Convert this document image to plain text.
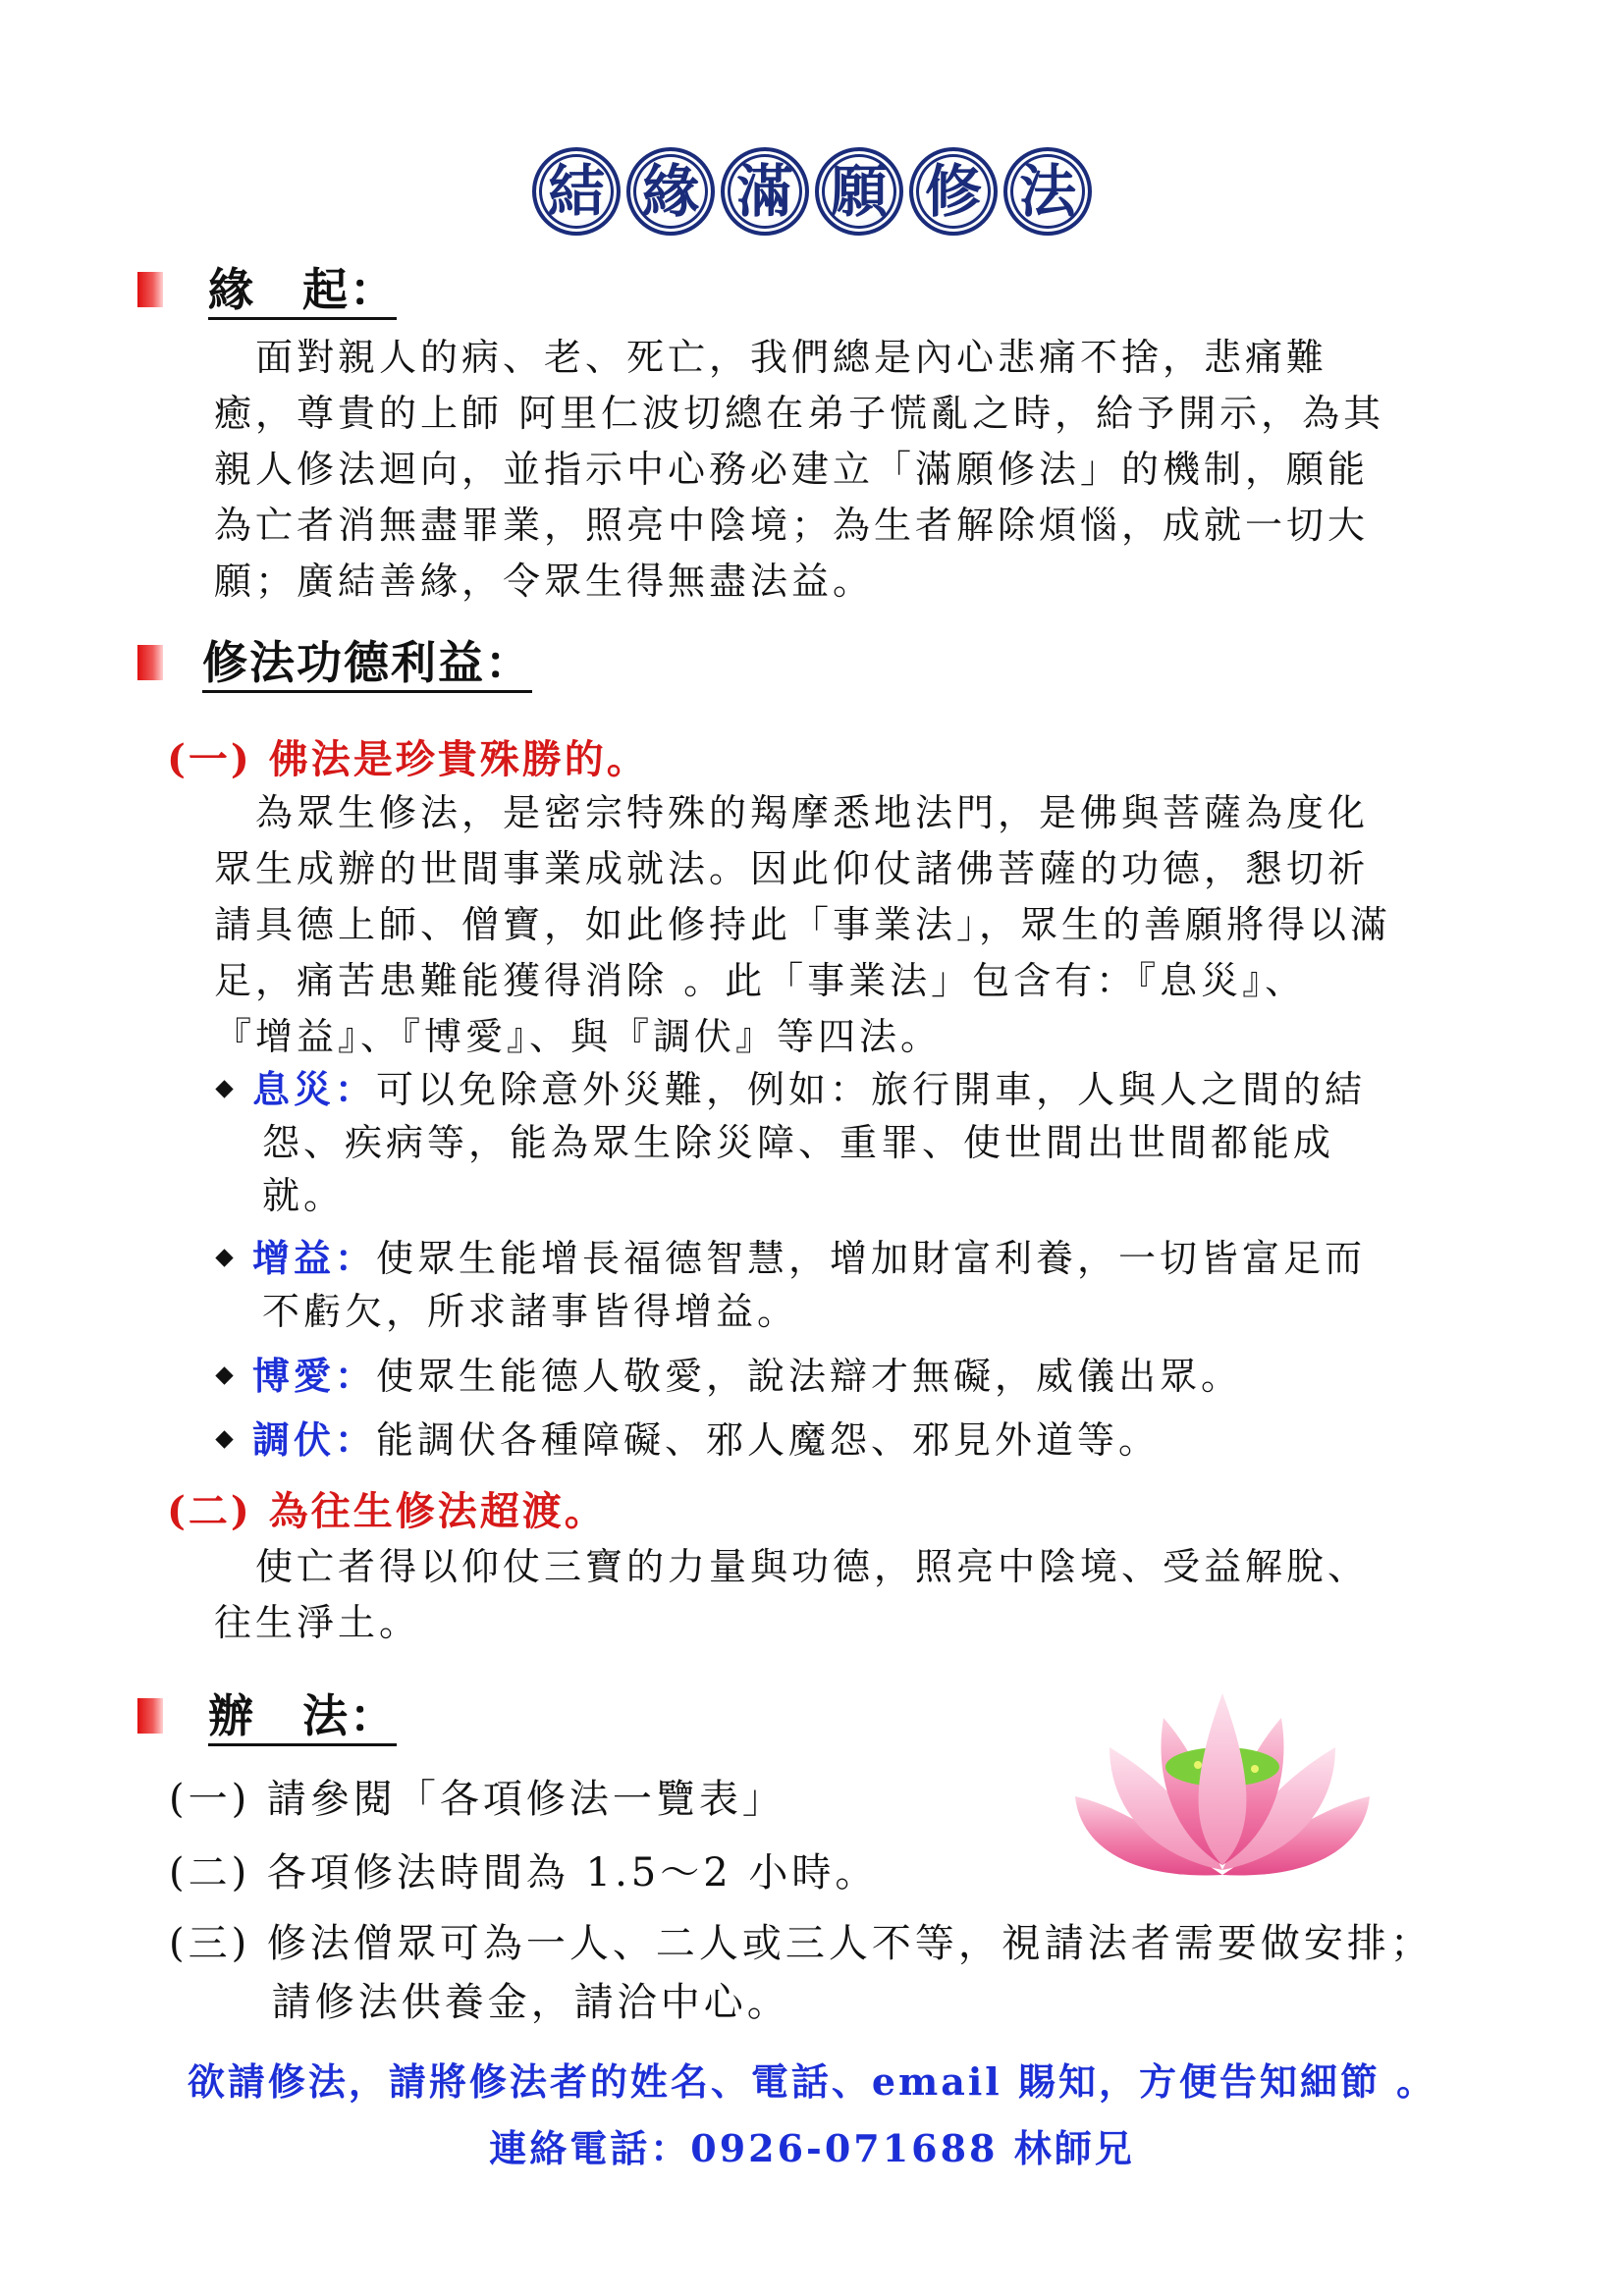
結 緣 滿 願 修 法
緣　起：
　面對親人的病、老、死亡，我們總是內心悲痛不捨，悲痛難
癒，尊貴的上師 阿里仁波切總在弟子慌亂之時，給予開示，為其
親人修法迴向，並指示中心務必建立「滿願修法」的機制，願能
為亡者消無盡罪業，照亮中陰境；為生者解除煩惱，成就一切大
願；廣結善緣，令眾生得無盡法益。
修法功德利益：
(一) 佛法是珍貴殊勝的。
　為眾生修法，是密宗特殊的羯摩悉地法門，是佛與菩薩為度化
眾生成辦的世間事業成就法。因此仰仗諸佛菩薩的功德，懇切祈
請具德上師、僧寶，如此修持此「事業法」，眾生的善願將得以滿
足，痛苦患難能獲得消除 。此「事業法」包含有：『息災』、
『增益』、『博愛』、與『調伏』等四法。
息災：可以免除意外災難，例如：旅行開車，人與人之間的結
怨、疾病等，能為眾生除災障、重罪、使世間出世間都能成
就。
增益：使眾生能增長福德智慧，增加財富利養，一切皆富足而
不虧欠，所求諸事皆得增益。
博愛：使眾生能德人敬愛，說法辯才無礙，威儀出眾。
調伏：能調伏各種障礙、邪人魔怨、邪見外道等。
(二) 為往生修法超渡。
　使亡者得以仰仗三寶的力量與功德，照亮中陰境、受益解脫、
往生淨土。
辦　法：
(一) 請參閱「各項修法一覽表」
(二) 各項修法時間為 1.5～2 小時。
(三) 修法僧眾可為一人、二人或三人不等，視請法者需要做安排；
　　 請修法供養金，請洽中心。
欲請修法，請將修法者的姓名、電話、email 賜知，方便告知細節 。
連絡電話：0926-071688 林師兄
